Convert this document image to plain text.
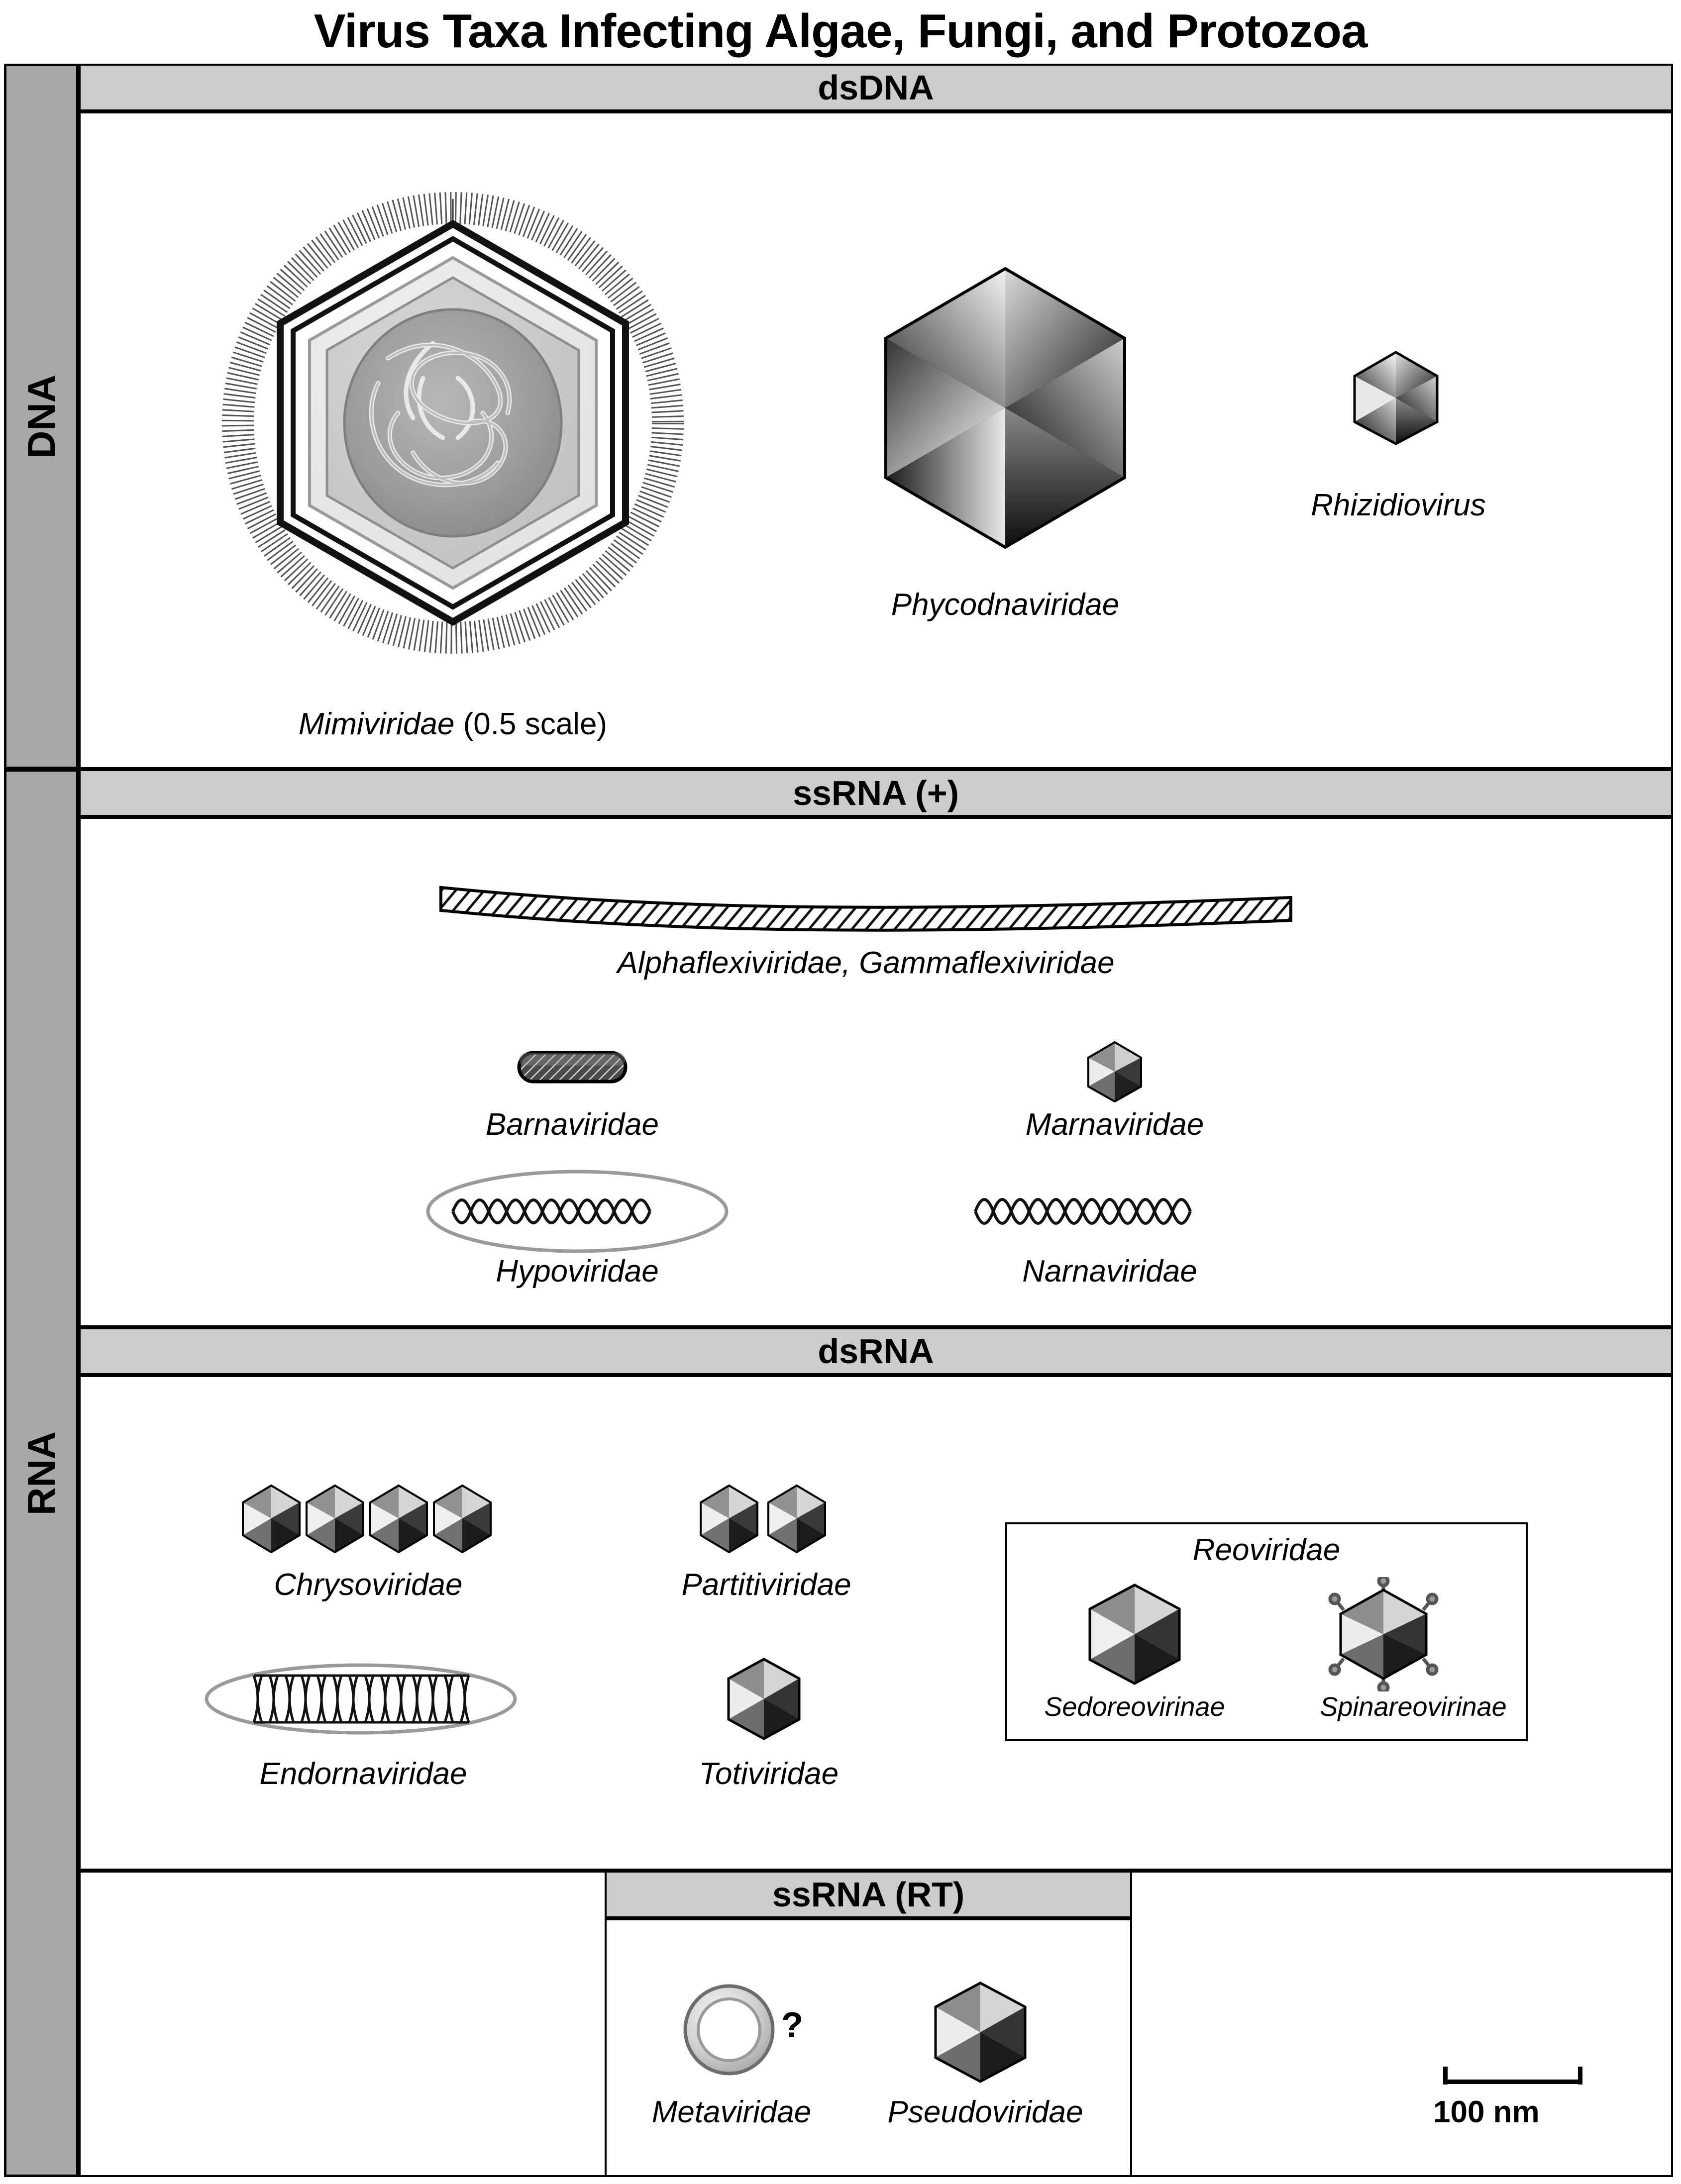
Virus Taxa Infecting Algae, Fungi, and Protozoa
DNA
RNA
dsDNA
ssRNA (+)
dsRNA
ssRNA (RT)
Mimiviridae (0.5 scale)
Phycodnaviridae
Rhizidiovirus
Alphaflexiviridae, Gammaflexiviridae
Barnaviridae	Marnaviridae
Hypoviridae	Narnaviridae
Chrysoviridae	Partitiviridae
Reoviridae
Sedoreovirinae	Spinareovirinae
Endornaviridae	Totiviridae
?
Metaviridae	Pseudoviridae	100 nm
